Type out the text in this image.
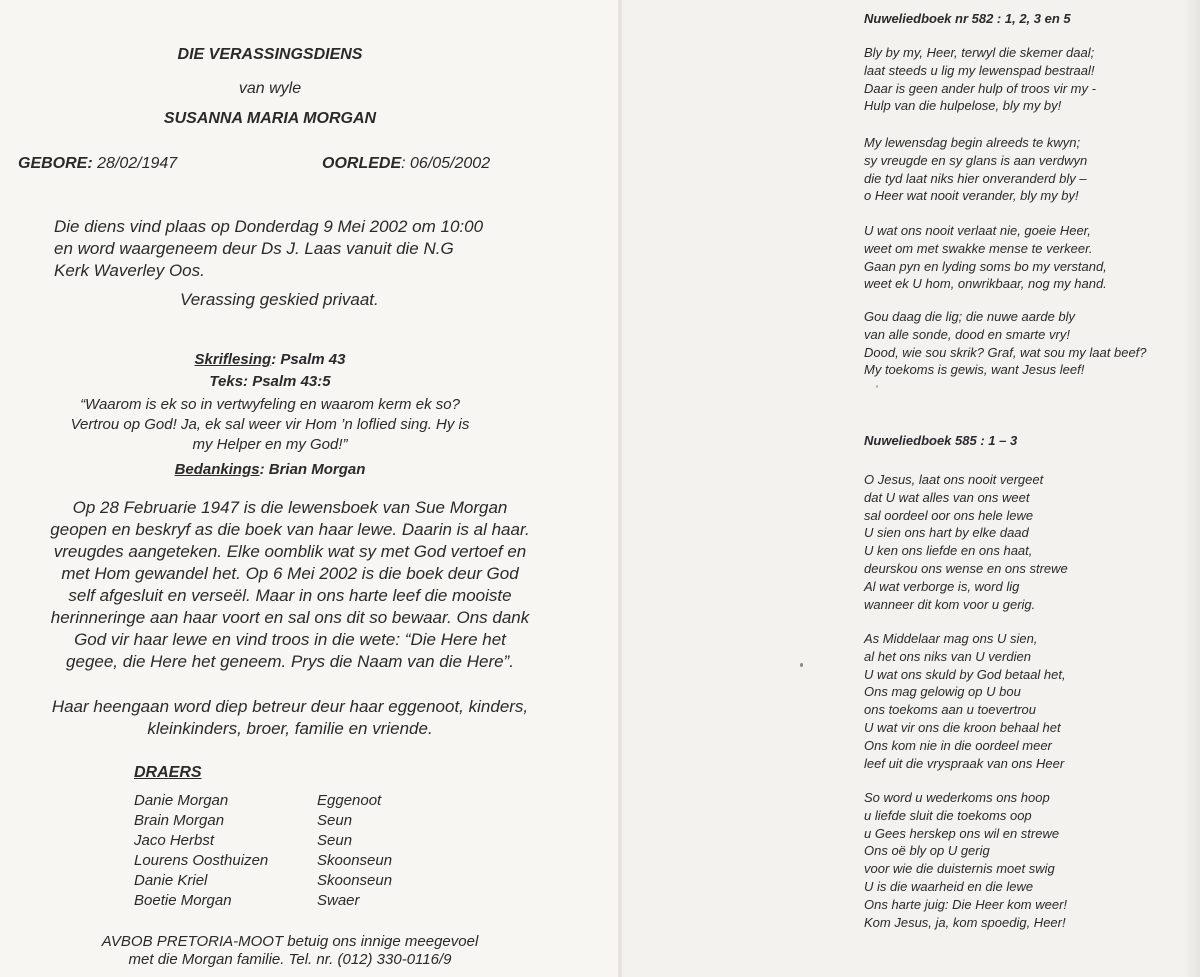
DIE VERASSINGSDIENS
van wyle
SUSANNA MARIA MORGAN
GEBORE: 28/02/1947	OORLEDE: 06/05/2002
Die diens vind plaas op Donderdag 9 Mei 2002 om 10:00
en word waargeneem deur Ds J. Laas vanuit die N.G
Kerk Waverley Oos.
Verassing geskied privaat.
Skriflesing: Psalm 43
Teks: Psalm 43:5
“Waarom is ek so in vertwyfeling en waarom kerm ek so?
Vertrou op God! Ja, ek sal weer vir Hom ’n loflied sing. Hy is
my Helper en my God!”
Bedankings: Brian Morgan
Op 28 Februarie 1947 is die lewensboek van Sue Morgan
geopen en beskryf as die boek van haar lewe. Daarin is al haar.
vreugdes aangeteken. Elke oomblik wat sy met God vertoef en
met Hom gewandel het. Op 6 Mei 2002 is die boek deur God
self afgesluit en verseël. Maar in ons harte leef die mooiste
herinneringe aan haar voort en sal ons dit so bewaar. Ons dank
God vir haar lewe en vind troos in die wete: “Die Here het
gegee, die Here het geneem. Prys die Naam van die Here”.
Haar heengaan word diep betreur deur haar eggenoot, kinders,
kleinkinders, broer, familie en vriende.
DRAERS
Danie Morgan	Eggenoot
Brain Morgan	Seun
Jaco Herbst	Seun
Lourens Oosthuizen	Skoonseun
Danie Kriel	Skoonseun
Boetie Morgan	Swaer
AVBOB PRETORIA-MOOT betuig ons innige meegevoel
met die Morgan familie. Tel. nr. (012) 330-0116/9
Nuweliedboek nr 582 : 1, 2, 3 en 5
Bly by my, Heer, terwyl die skemer daal;
laat steeds u lig my lewenspad bestraal!
Daar is geen ander hulp of troos vir my -
Hulp van die hulpelose, bly my by!
My lewensdag begin alreeds te kwyn;
sy vreugde en sy glans is aan verdwyn
die tyd laat niks hier onveranderd bly –
o Heer wat nooit verander, bly my by!
U wat ons nooit verlaat nie, goeie Heer,
weet om met swakke mense te verkeer.
Gaan pyn en lyding soms bo my verstand,
weet ek U hom, onwrikbaar, nog my hand.
Gou daag die lig; die nuwe aarde bly
van alle sonde, dood en smarte vry!
Dood, wie sou skrik? Graf, wat sou my laat beef?
My toekoms is gewis, want Jesus leef!
Nuweliedboek 585 : 1 – 3
O Jesus, laat ons nooit vergeet
dat U wat alles van ons weet
sal oordeel oor ons hele lewe
U sien ons hart by elke daad
U ken ons liefde en ons haat,
deurskou ons wense en ons strewe
Al wat verborge is, word lig
wanneer dit kom voor u gerig.
As Middelaar mag ons U sien,
al het ons niks van U verdien
U wat ons skuld by God betaal het,
Ons mag gelowig op U bou
ons toekoms aan u toevertrou
U wat vir ons die kroon behaal het
Ons kom nie in die oordeel meer
leef uit die vryspraak van ons Heer
So word u wederkoms ons hoop
u liefde sluit die toekoms oop
u Gees herskep ons wil en strewe
Ons oë bly op U gerig
voor wie die duisternis moet swig
U is die waarheid en die lewe
Ons harte juig: Die Heer kom weer!
Kom Jesus, ja, kom spoedig, Heer!
